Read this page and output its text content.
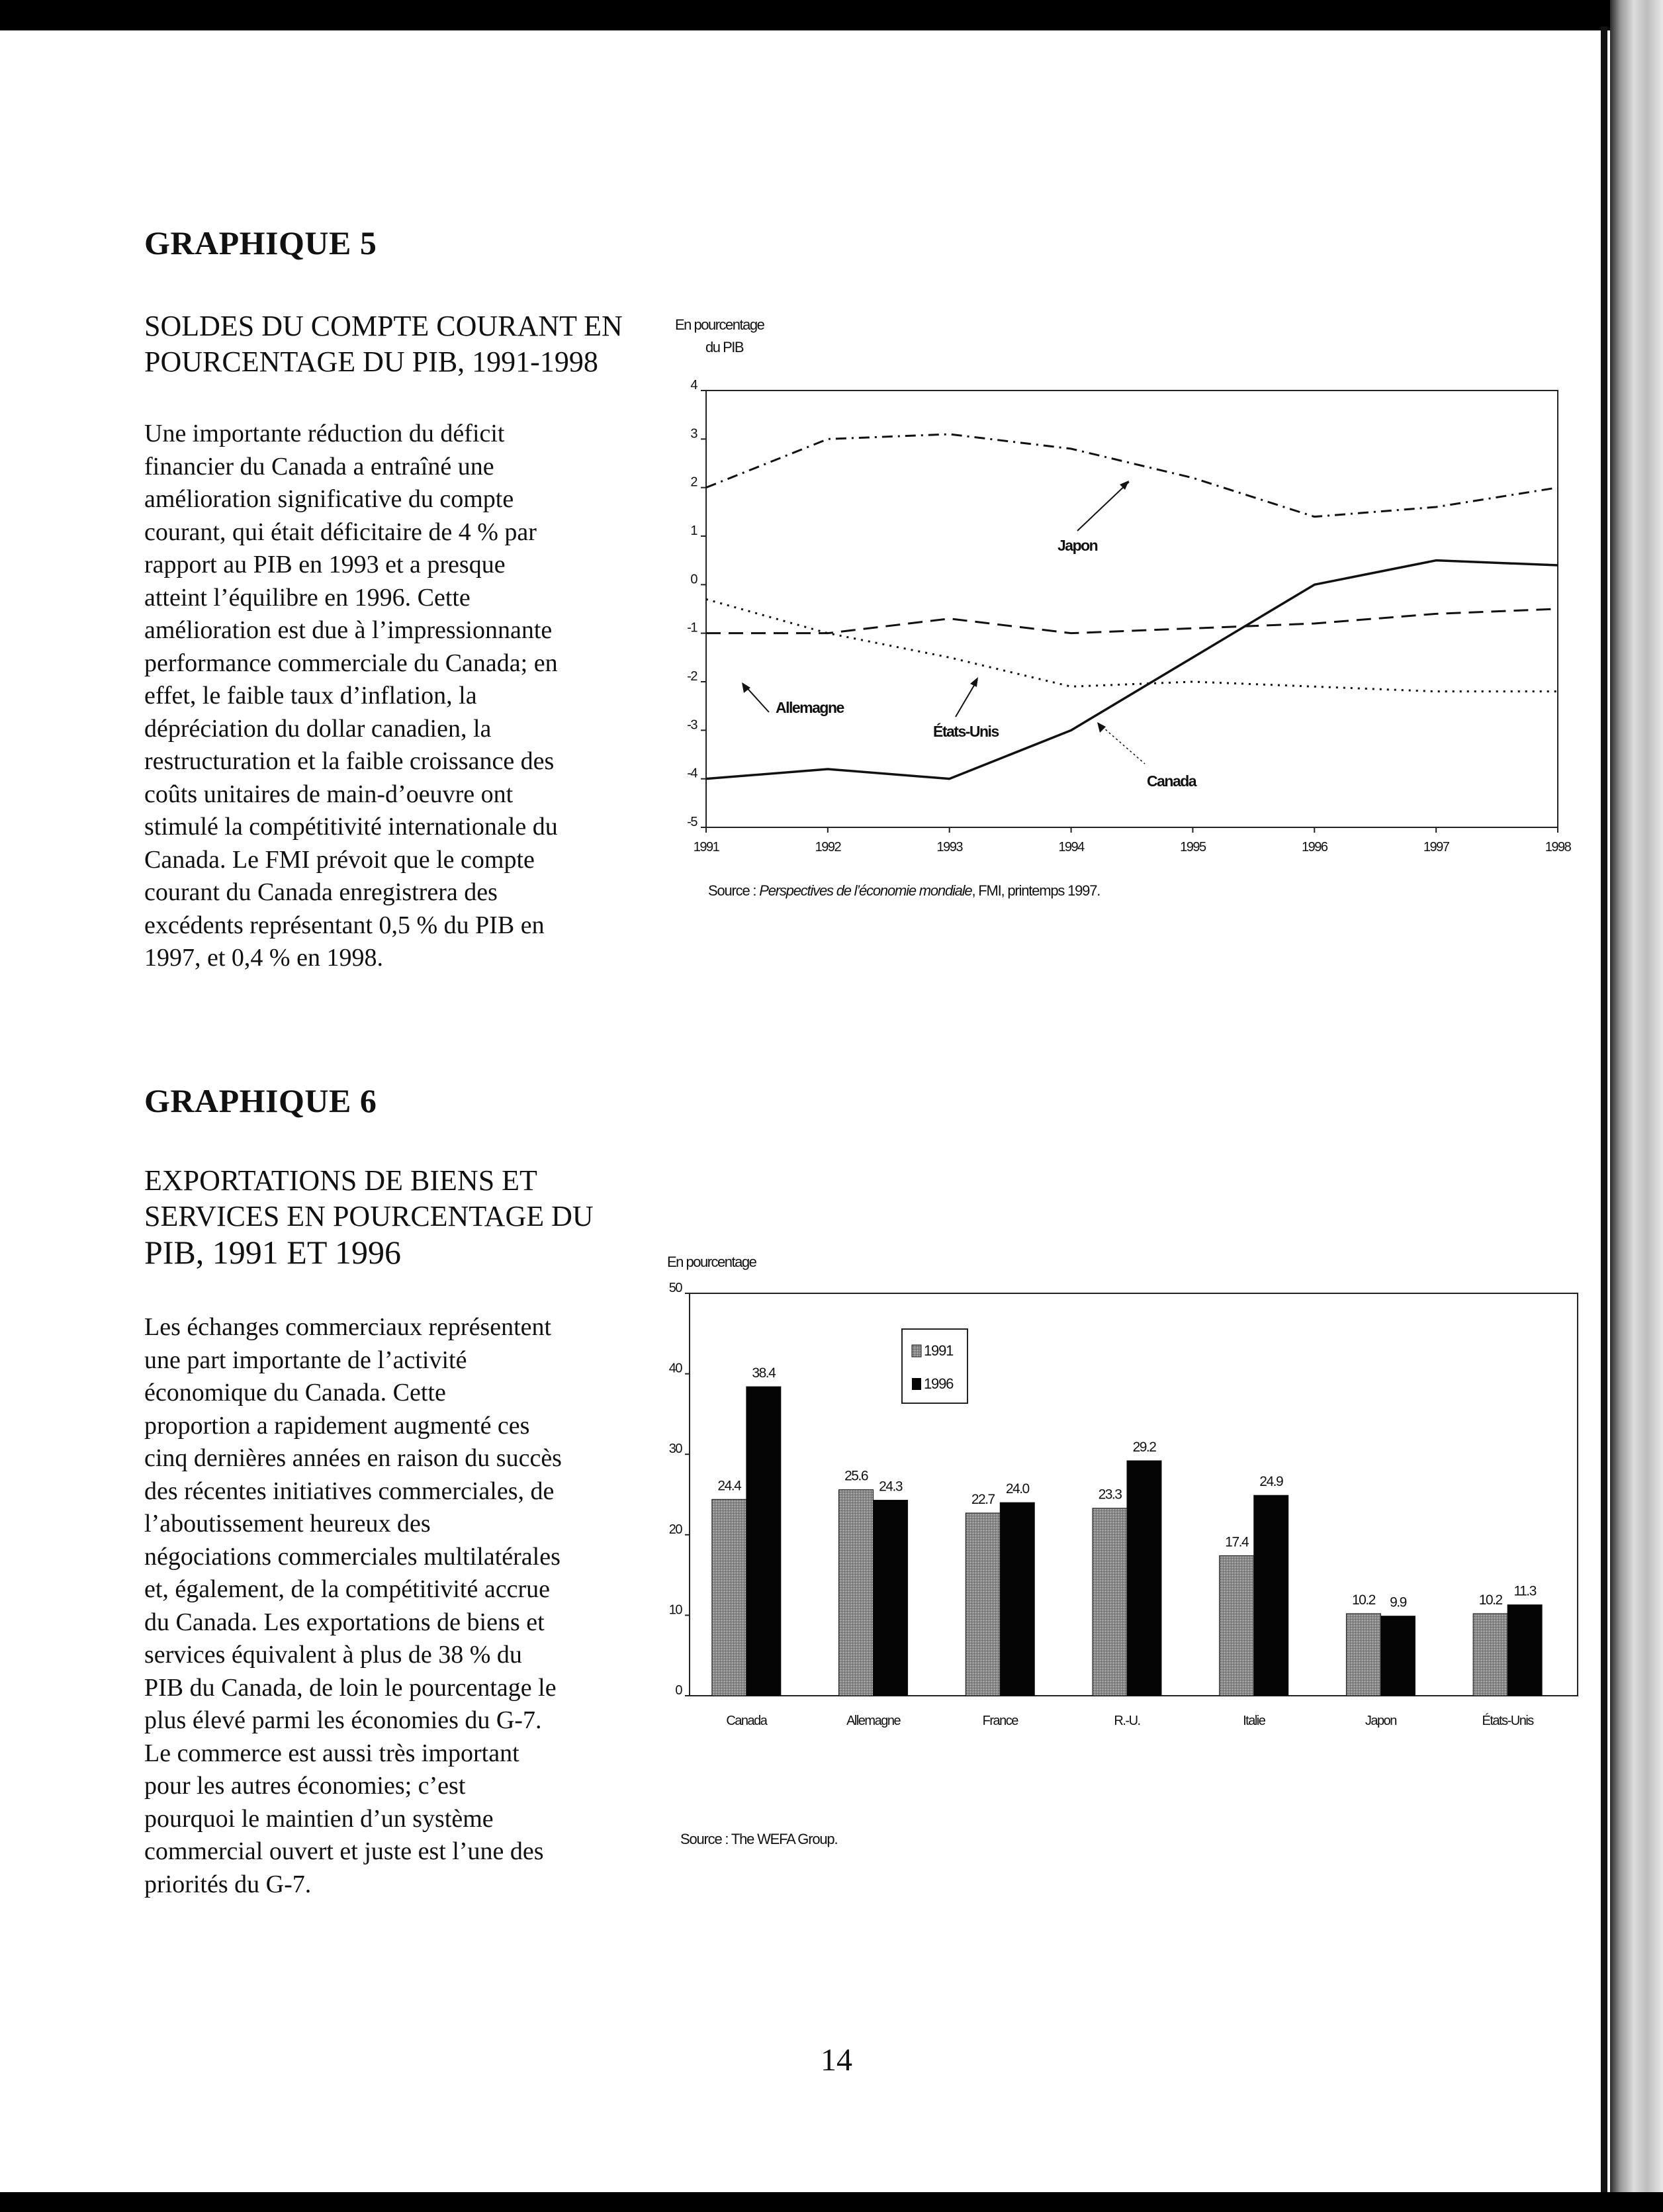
GRAPHIQUE 5
SOLDES DU COMPTE COURANT EN
POURCENTAGE DU PIB, 1991-1998
Une importante réduction du déficit
financier du Canada a entraîné une
amélioration significative du compte
courant, qui était déficitaire de 4 % par
rapport au PIB en 1993 et a presque
atteint l’équilibre en 1996. Cette
amélioration est due à l’impressionnante
performance commerciale du Canada; en
effet, le faible taux d’inflation, la
dépréciation du dollar canadien, la
restructuration et la faible croissance des
coûts unitaires de main-d’oeuvre ont
stimulé la compétitivité internationale du
Canada. Le FMI prévoit que le compte
courant du Canada enregistrera des
excédents représentant 0,5 % du PIB en
1997, et 0,4 % en 1998.
En pourcentage
du PIB
4
3
2
1
0
-1
-2
-3
-4
-5
1991	1992	1993	1994	1995	1996	1997	1998
Japon
Allemagne
États-Unis
Canada
Source : Perspectives de l’économie mondiale, FMI, printemps 1997.
GRAPHIQUE 6
EXPORTATIONS DE BIENS ET
SERVICES EN POURCENTAGE DU
PIB, 1991 ET 1996
Les échanges commerciaux représentent
une part importante de l’activité
économique du Canada. Cette
proportion a rapidement augmenté ces
cinq dernières années en raison du succès
des récentes initiatives commerciales, de
l’aboutissement heureux des
négociations commerciales multilatérales
et, également, de la compétitivité accrue
du Canada. Les exportations de biens et
services équivalent à plus de 38 % du
PIB du Canada, de loin le pourcentage le
plus élevé parmi les économies du G-7.
Le commerce est aussi très important
pour les autres économies; c’est
pourquoi le maintien d’un système
commercial ouvert et juste est l’une des
priorités du G-7.
En pourcentage
50
40
30
20
10
0
24.4
38.4
25.6
24.3
22.7
24.0	23.3
29.2
17.4
24.9
10.2 9.9	10.2
11.3
Canada	Allemagne	France	R.-U.	Italie	Japon	États-Unis
1991
1996
Source : The WEFA Group.
14
